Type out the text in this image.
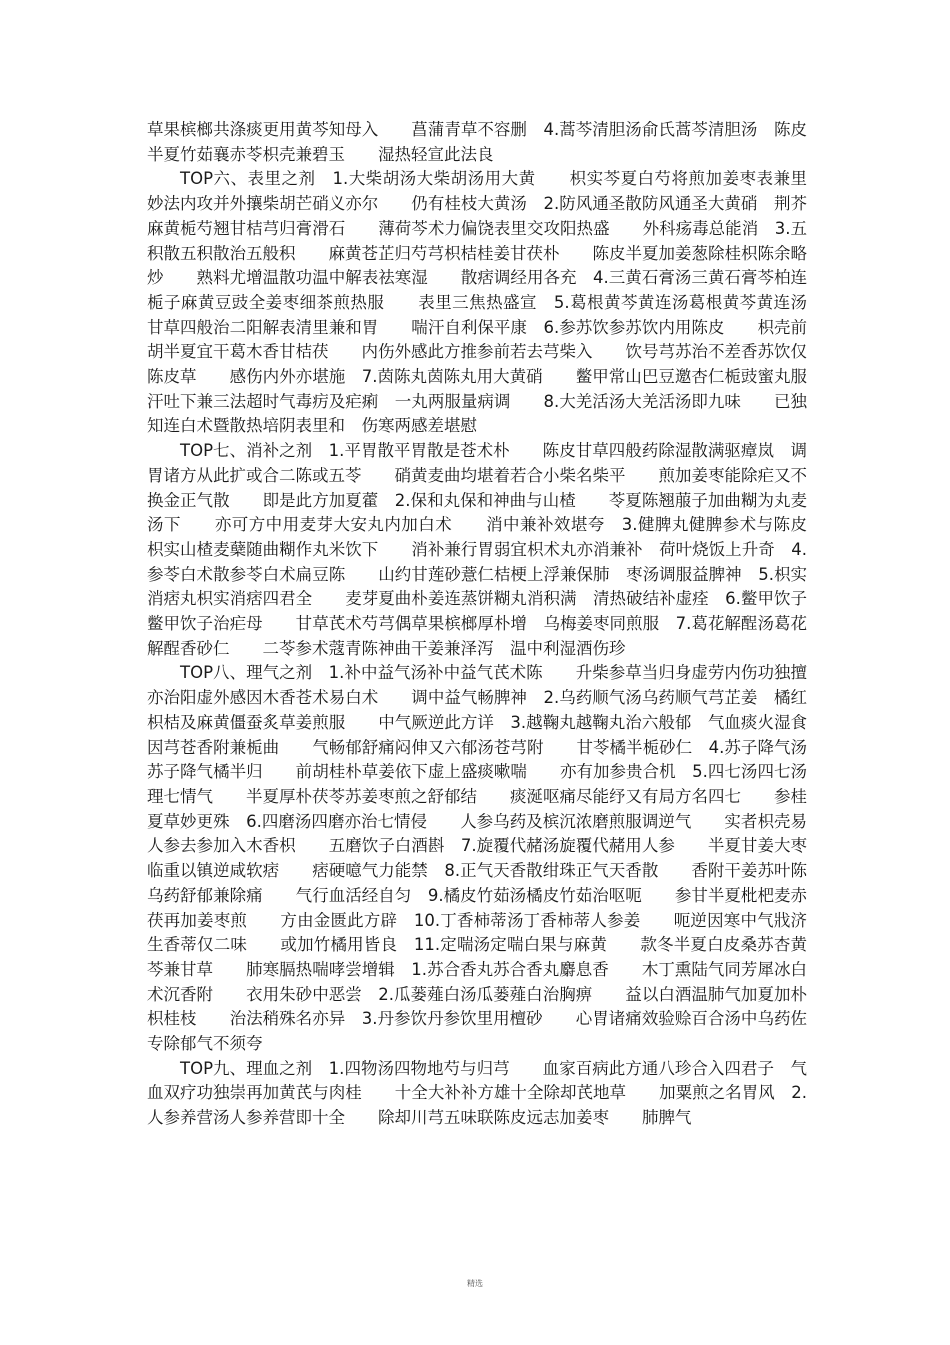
草果槟榔共涤痰更用黄芩知母入　　菖蒲青草不容删　4.蒿芩清胆汤俞氏蒿芩清胆汤　陈皮半夏竹茹襄赤苓枳壳兼碧玉　　湿热轻宣此法良

TOP六、表里之剂　1.大柴胡汤大柴胡汤用大黄　　枳实芩夏白芍将煎加姜枣表兼里　妙法内攻并外攘柴胡芒硝义亦尔　　仍有桂枝大黄汤　2.防风通圣散防风通圣大黄硝　荆芥麻黄栀芍翘甘桔芎归膏滑石　　薄荷芩术力偏饶表里交攻阳热盛　　外科疡毒总能消　3.五积散五积散治五般积　　麻黄苍芷归芍芎枳桔桂姜甘茯朴　　陈皮半夏加姜葱除桂枳陈余略炒　　熟料尤增温散功温中解表祛寒湿　　散痞调经用各充　4.三黄石膏汤三黄石膏芩柏连　　栀子麻黄豆豉全姜枣细茶煎热服　　表里三焦热盛宣　5.葛根黄芩黄连汤葛根黄芩黄连汤　　甘草四般治二阳解表清里兼和胃　　喘汗自利保平康　6.参苏饮参苏饮内用陈皮　　枳壳前胡半夏宜干葛木香甘桔茯　　内伤外感此方推参前若去芎柴入　　饮号芎苏治不差香苏饮仅陈皮草　　感伤内外亦堪施　7.茵陈丸茵陈丸用大黄硝　　鳖甲常山巴豆邀杏仁栀豉蜜丸服　　汗吐下兼三法超时气毒疠及疟痢　一丸两服量病调　　8.大羌活汤大羌活汤即九味　　已独知连白术暨散热培阴表里和　伤寒两感差堪慰

TOP七、消补之剂　1.平胃散平胃散是苍术朴　　陈皮甘草四般药除湿散满驱瘴岚　调胃诸方从此扩或合二陈或五苓　　硝黄麦曲均堪着若合小柴名柴平　　煎加姜枣能除疟又不换金正气散　　即是此方加夏藿　2.保和丸保和神曲与山楂　　苓夏陈翘菔子加曲糊为丸麦汤下　　亦可方中用麦芽大安丸内加白术　　消中兼补效堪夸　3.健脾丸健脾参术与陈皮　　枳实山楂麦蘖随曲糊作丸米饮下　　消补兼行胃弱宜枳术丸亦消兼补　荷叶烧饭上升奇　4.参苓白术散参苓白术扁豆陈　　山约甘莲砂薏仁桔梗上浮兼保肺　枣汤调服益脾神　5.枳实消痞丸枳实消痞四君全　　麦芽夏曲朴姜连蒸饼糊丸消积满　清热破结补虚痊　6.鳖甲饮子鳖甲饮子治疟母　　甘草芪术芍芎偶草果槟榔厚朴增　乌梅姜枣同煎服　7.葛花解酲汤葛花解酲香砂仁　　二苓参术蔻青陈神曲干姜兼泽泻　温中利湿酒伤珍

TOP八、理气之剂　1.补中益气汤补中益气芪术陈　　升柴参草当归身虚劳内伤功独擅　亦治阳虚外感因木香苍术易白术　　调中益气畅脾神　2.乌药顺气汤乌药顺气芎芷姜　橘红枳桔及麻黄僵蚕炙草姜煎服　　中气厥逆此方详　3.越鞠丸越鞠丸治六般郁　气血痰火湿食因芎苍香附兼栀曲　　气畅郁舒痛闷伸又六郁汤苍芎附　　甘苓橘半栀砂仁　4.苏子降气汤苏子降气橘半归　　前胡桂朴草姜依下虚上盛痰嗽喘　　亦有加参贵合机　5.四七汤四七汤理七情气　　半夏厚朴茯苓苏姜枣煎之舒郁结　　痰涎呕痛尽能纾又有局方名四七　　参桂夏草妙更殊　6.四磨汤四磨亦治七情侵　　人参乌药及槟沉浓磨煎服调逆气　　实者枳壳易人参去参加入木香枳　　五磨饮子白酒斟　7.旋覆代赭汤旋覆代赭用人参　　半夏甘姜大枣临重以镇逆咸软痞　　痞硬噫气力能禁　8.正气天香散绀珠正气天香散　　香附干姜苏叶陈乌药舒郁兼除痛　　气行血活经自匀　9.橘皮竹茹汤橘皮竹茹治呕呃　　参甘半夏枇杷麦赤茯再加姜枣煎　　方由金匮此方辟　10.丁香柿蒂汤丁香柿蒂人参姜　　呃逆因寒中气戕济生香蒂仅二味　　或加竹橘用皆良　11.定喘汤定喘白果与麻黄　　款冬半夏白皮桑苏杏黄芩兼甘草　　肺寒膈热喘哮尝增辑　1.苏合香丸苏合香丸麝息香　　木丁熏陆气同芳犀冰白术沉香附　　衣用朱砂中恶尝　2.瓜蒌薤白汤瓜蒌薤白治胸痹　　益以白酒温肺气加夏加朴枳桂枝　　治法稍殊名亦异　3.丹参饮丹参饮里用檀砂　　心胃诸痛效验赊百合汤中乌药佐　　专除郁气不须夸

TOP九、理血之剂　1.四物汤四物地芍与归芎　　血家百病此方通八珍合入四君子　气血双疗功独崇再加黄芪与肉桂　　十全大补补方雄十全除却芪地草　　加粟煎之名胃风　2.人参养营汤人参养营即十全　　除却川芎五味联陈皮远志加姜枣　　肺脾气

精选
